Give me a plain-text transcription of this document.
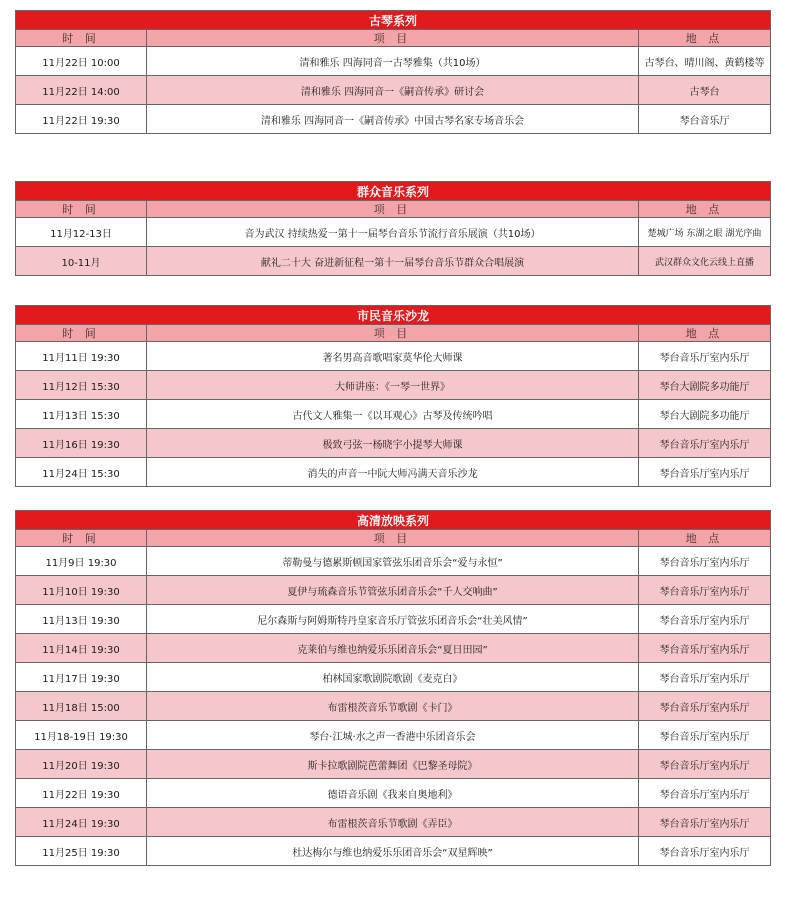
古琴系列		
时 间	项 目	地 点
11月22日 10:00	清和雅乐 四海同音一古琴雅集（共10场）	古琴台、晴川阁、黄鹤楼等
11月22日 14:00	清和雅乐 四海同音一《嗣音传承》研讨会	古琴台
11月22日 19:30	清和雅乐 四海同音一《嗣音传承》中国古琴名家专场音乐会	琴台音乐厅
群众音乐系列		
时 间	项 目	地 点
11月12-13日	音为武汉 持续热爱一第十一届琴台音乐节流行音乐展演（共10场）	楚城广场 东湖之眼 湖光序曲
10-11月	献礼二十大 奋进新征程一第十一届琴台音乐节群众合唱展演	武汉群众文化云线上直播
市民音乐沙龙		
时 间	项 目	地 点
11月11日 19:30	著名男高音歌唱家莫华伦大师课	琴台音乐厅室内乐厅
11月12日 15:30	大师讲座：《一琴一世界》	琴台大剧院多功能厅
11月13日 15:30	古代文人雅集一《以耳观心》古琴及传统吟唱	琴台大剧院多功能厅
11月16日 19:30	极致弓弦一杨晓宇小提琴大师课	琴台音乐厅室内乐厅
11月24日 15:30	消失的声音一中阮大师冯满天音乐沙龙	琴台音乐厅室内乐厅
高清放映系列		
时 间	项 目	地 点
11月9日 19:30	蒂勒曼与德累斯顿国家管弦乐团音乐会“爱与永恒”	琴台音乐厅室内乐厅
11月10日 19:30	夏伊与琉森音乐节管弦乐团音乐会“千人交响曲”	琴台音乐厅室内乐厅
11月13日 19:30	尼尔森斯与阿姆斯特丹皇家音乐厅管弦乐团音乐会“壮美风情”	琴台音乐厅室内乐厅
11月14日 19:30	克莱伯与维也纳爱乐乐团音乐会“夏日田园”	琴台音乐厅室内乐厅
11月17日 19:30	柏林国家歌剧院歌剧《麦克白》	琴台音乐厅室内乐厅
11月18日 15:00	布雷根茨音乐节歌剧《卡门》	琴台音乐厅室内乐厅
11月18-19日 19:30	琴台·江城·水之声一香港中乐团音乐会	琴台音乐厅室内乐厅
11月20日 19:30	斯卡拉歌剧院芭蕾舞团《巴黎圣母院》	琴台音乐厅室内乐厅
11月22日 19:30	德语音乐剧《我来自奥地利》	琴台音乐厅室内乐厅
11月24日 19:30	布雷根茨音乐节歌剧《弄臣》	琴台音乐厅室内乐厅
11月25日 19:30	杜达梅尔与维也纳爱乐乐团音乐会“双星辉映”	琴台音乐厅室内乐厅
